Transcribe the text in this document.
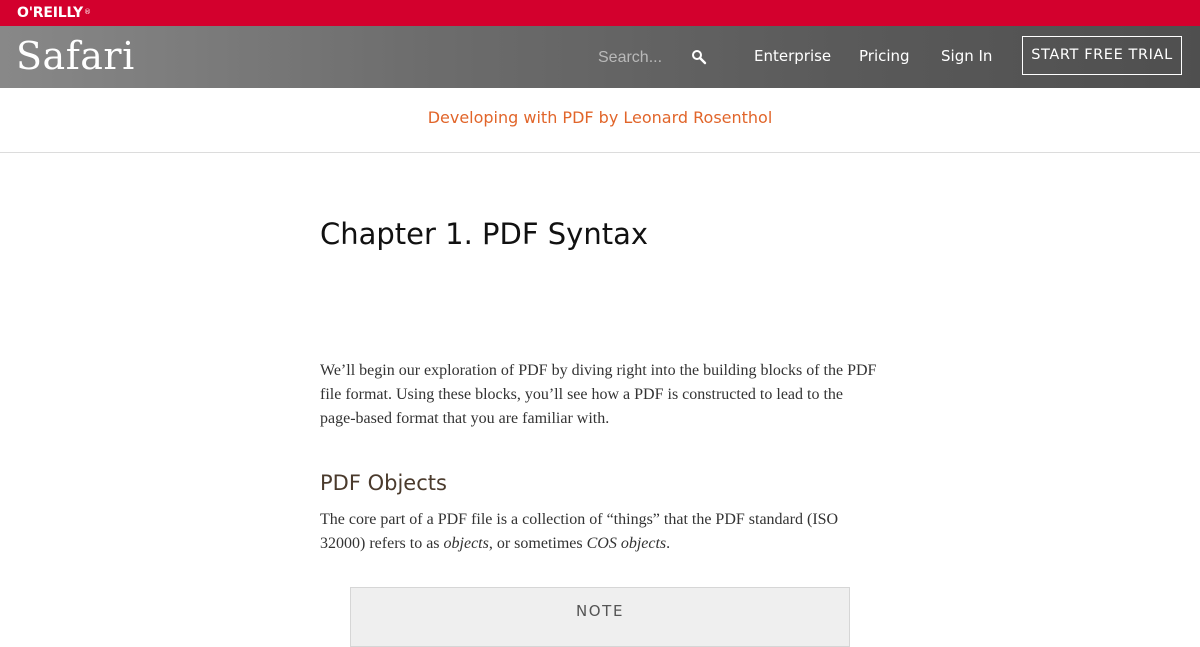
O'REILLY®
Safari
Search...	Enterprise Pricing Sign In	START FREE TRIAL
Developing with PDF by Leonard Rosenthol
Chapter 1. PDF Syntax

We’ll begin our exploration of PDF by diving right into the building blocks of the PDF file format. Using these blocks, you’ll see how a PDF is constructed to lead to the page-based format that you are familiar with.

PDF Objects

The core part of a PDF file is a collection of “things” that the PDF standard (ISO 32000) refers to as objects, or sometimes COS objects.

NOTE
